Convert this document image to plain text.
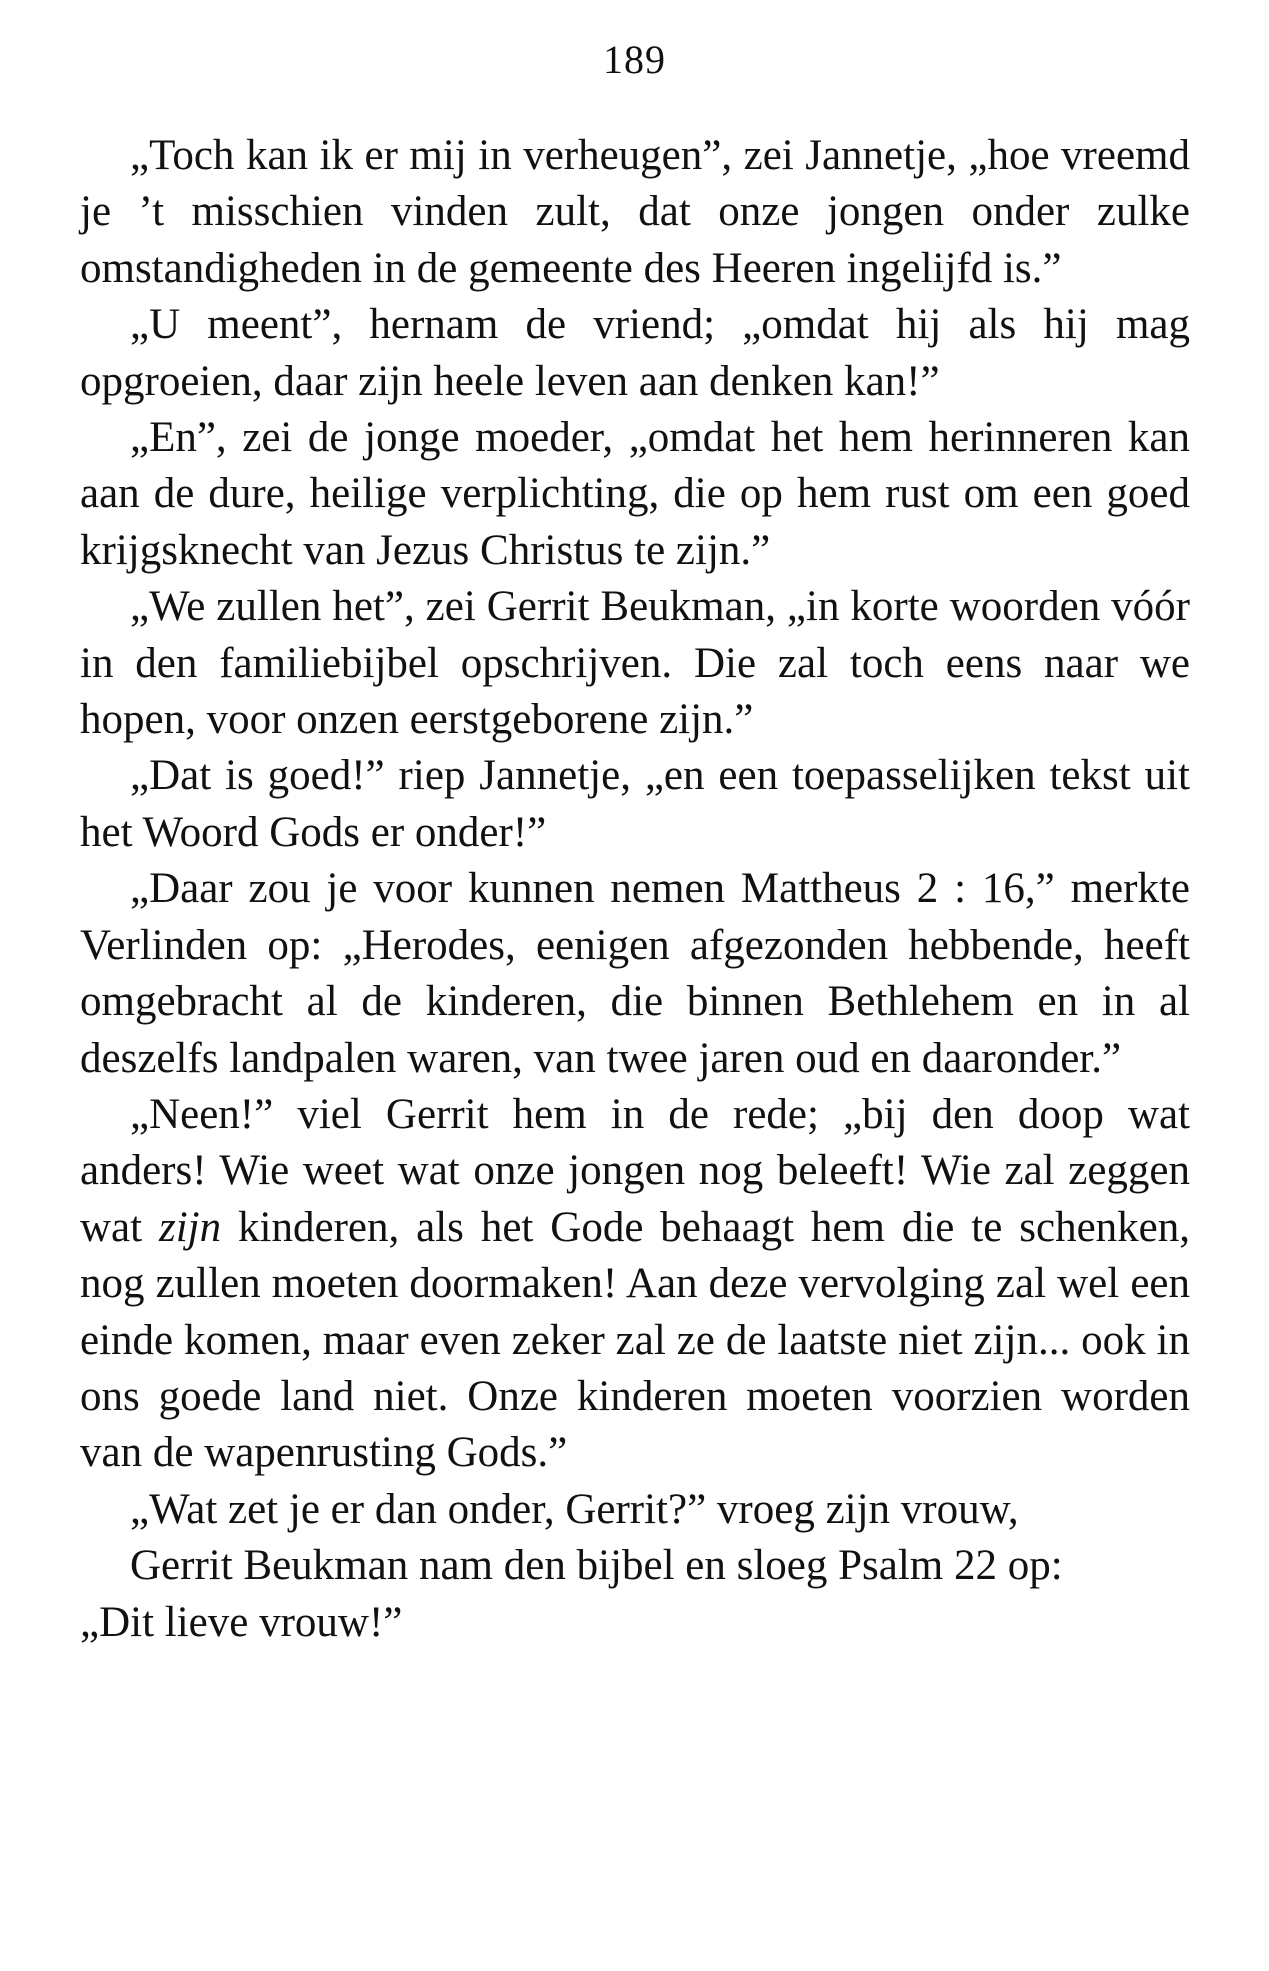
189

„Toch kan ik er mij in verheugen”, zei Jannetje, „hoe vreemd je ’t misschien vinden zult, dat onze jongen onder zulke omstandigheden in de gemeente des Heeren ingelijfd is.”

„U meent”, hernam de vriend; „omdat hij als hij mag opgroeien, daar zijn heele leven aan denken kan!”

„En”, zei de jonge moeder, „omdat het hem herinneren kan aan de dure, heilige verplichting, die op hem rust om een goed krijgsknecht van Jezus Christus te zijn.”

„We zullen het”, zei Gerrit Beukman, „in korte woorden vóór in den familiebijbel opschrijven. Die zal toch eens naar we hopen, voor onzen eerstgeborene zijn.”

„Dat is goed!” riep Jannetje, „en een toepasselijken tekst uit het Woord Gods er onder!”

„Daar zou je voor kunnen nemen Mattheus 2 : 16,” merkte Verlinden op: „Herodes, eenigen afgezonden hebbende, heeft omgebracht al de kinderen, die binnen Bethlehem en in al deszelfs landpalen waren, van twee jaren oud en daaronder.”

„Neen!” viel Gerrit hem in de rede; „bij den doop wat anders! Wie weet wat onze jongen nog beleeft! Wie zal zeggen wat zijn kinderen, als het Gode behaagt hem die te schenken, nog zullen moeten doormaken! Aan deze vervolging zal wel een einde komen, maar even zeker zal ze de laatste niet zijn... ook in ons goede land niet. Onze kinderen moeten voorzien worden van de wapenrusting Gods.”

„Wat zet je er dan onder, Gerrit?” vroeg zijn vrouw,

Gerrit Beukman nam den bijbel en sloeg Psalm 22 op:

„Dit lieve vrouw!”
